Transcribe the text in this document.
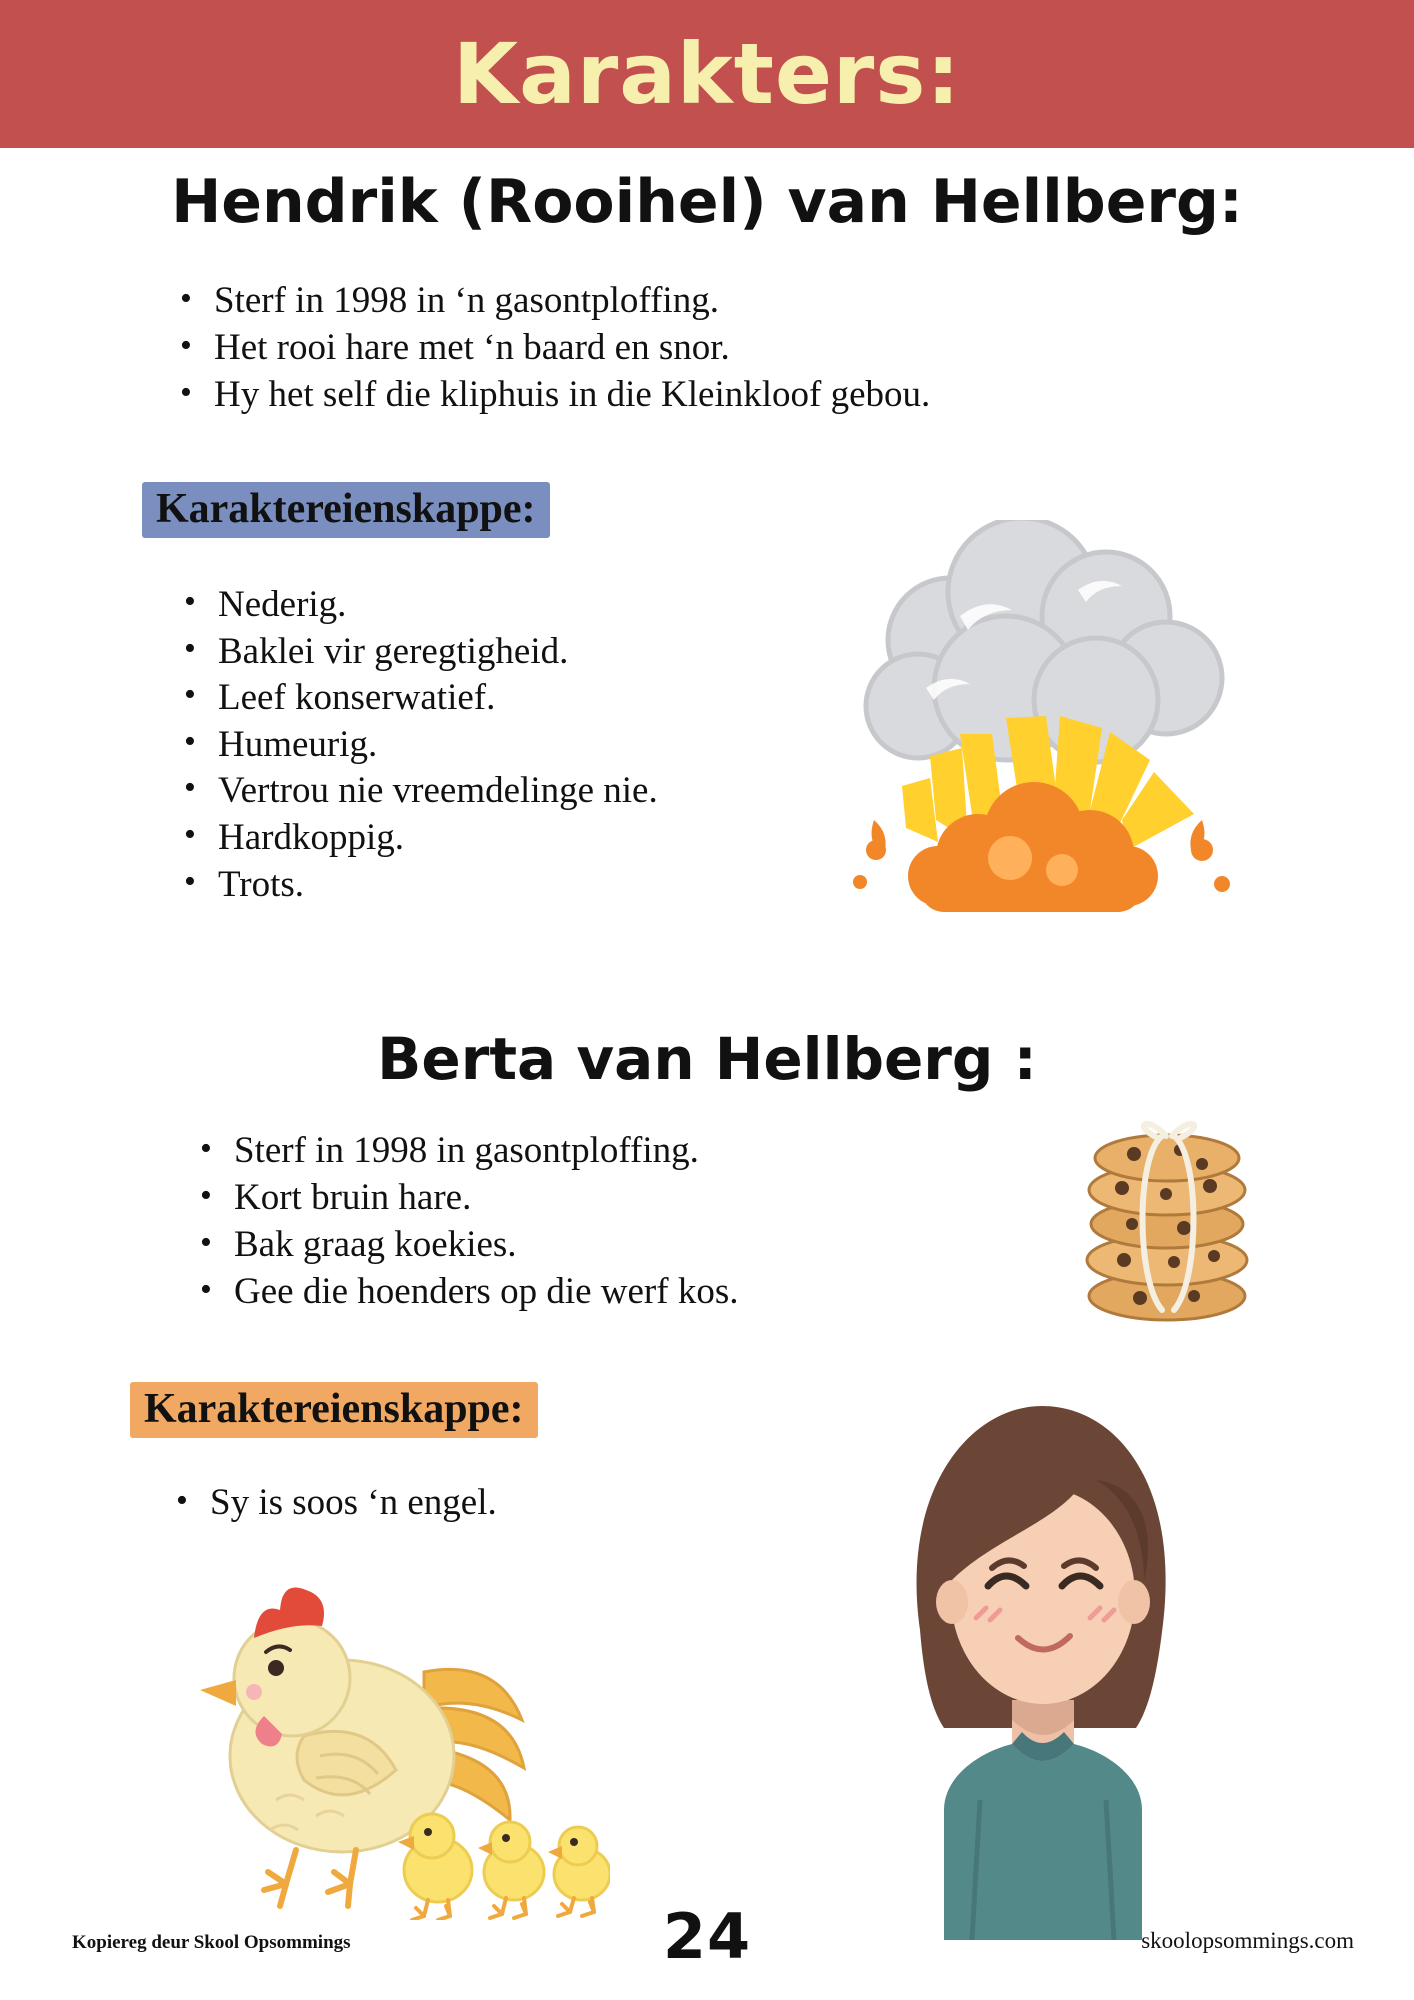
Karakters:
Hendrik (Rooihel) van Hellberg:
• Sterf in 1998 in ‘n gasontploffing.
• Het rooi hare met ‘n baard en snor.
• Hy het self die kliphuis in die Kleinkloof gebou.
Karaktereienskappe:
• Nederig.
• Baklei vir geregtigheid.
• Leef konserwatief.
• Humeurig.
• Vertrou nie vreemdelinge nie.
• Hardkoppig.
• Trots.
Berta van Hellberg :
• Sterf in 1998 in gasontploffing.
• Kort bruin hare.
• Bak graag koekies.
• Gee die hoenders op die werf kos.
Karaktereienskappe:
• Sy is soos ‘n engel.
Kopiereg deur Skool Opsommings	24	skoolopsommings.com
